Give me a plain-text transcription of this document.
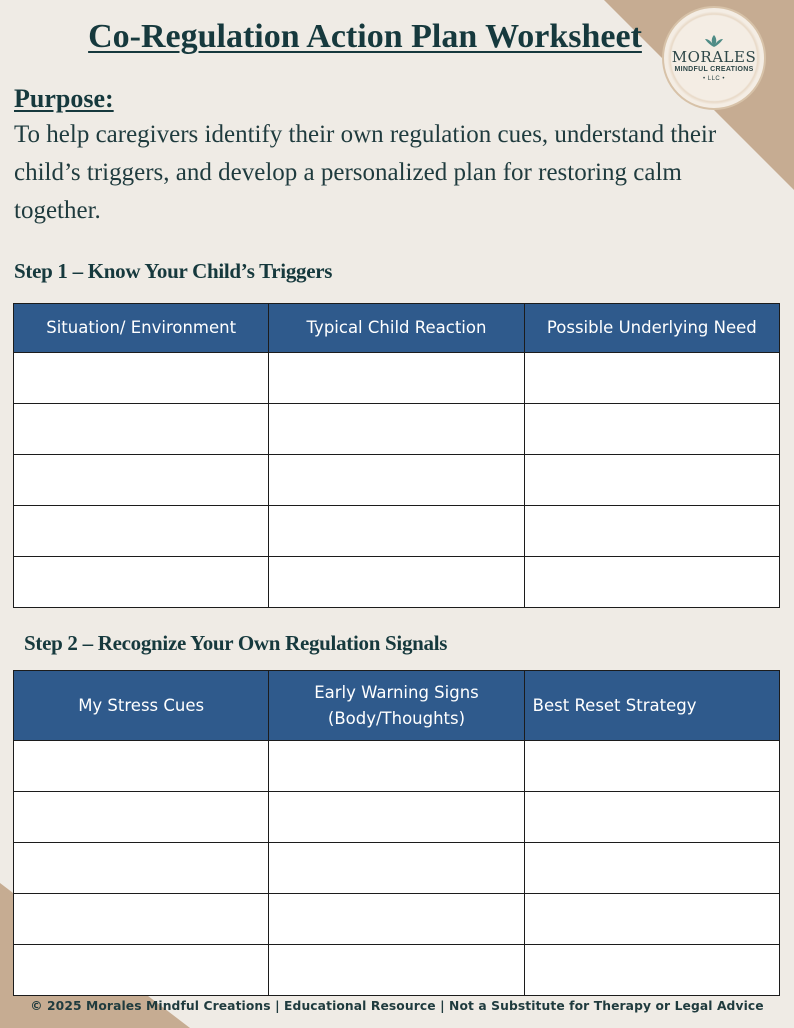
MORALES
MINDFUL CREATIONS
• LLC •
Co-Regulation Action Plan Worksheet
Purpose:

To help caregivers identify their own regulation cues, understand their child’s triggers, and develop a personalized plan for restoring calm together.

Step 1 – Know Your Child’s Triggers
Situation/ Environment	Typical Child Reaction	Possible Underlying Need

Step 2 – Recognize Your Own Regulation Signals
My Stress Cues	Early Warning Signs (Body/Thoughts)	Best Reset Strategy

© 2025 Morales Mindful Creations | Educational Resource | Not a Substitute for Therapy or Legal Advice
